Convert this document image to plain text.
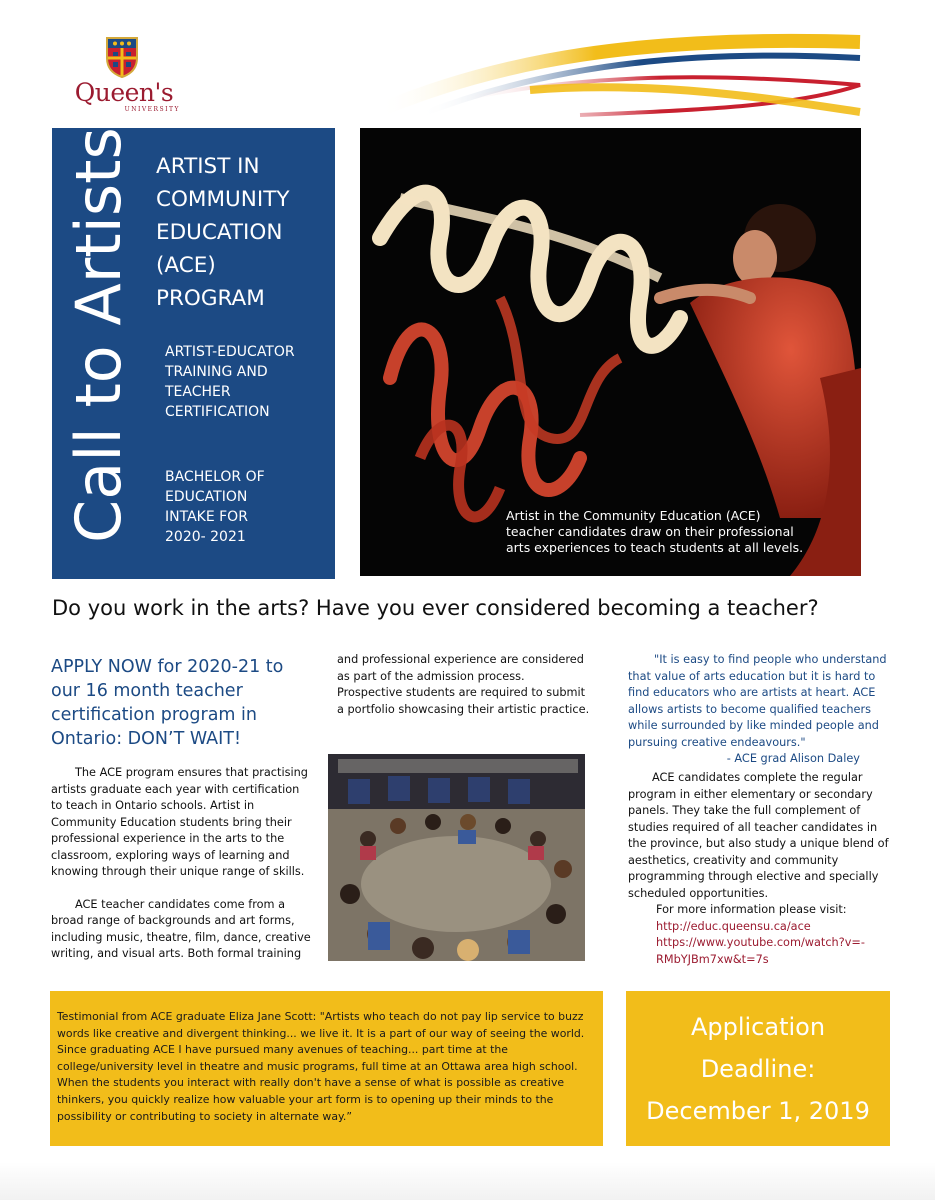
Queen's
UNIVERSITY
Call to Artists ARTIST IN COMMUNITY EDUCATION (ACE) PROGRAM
ARTIST-EDUCATOR
TRAINING AND
TEACHER
CERTIFICATION
BACHELOR OF
EDUCATION
INTAKE FOR
2020- 2021
Artist in the Community Education (ACE)
teacher candidates draw on their professional
arts experiences to teach students at all levels.
Do you work in the arts? Have you ever considered becoming a teacher?
APPLY NOW for 2020-21 to our 16 month teacher certification program in Ontario: DON’T WAIT!

The ACE program ensures that practising artists graduate each year with certification to teach in Ontario schools. Artist in Community Education students bring their professional experience in the arts to the classroom, exploring ways of learning and knowing through their unique range of skills.

ACE teacher candidates come from a broad range of backgrounds and art forms, including music, theatre, film, dance, creative writing, and visual arts. Both formal training

and professional experience are considered as part of the admission process. Prospective students are required to submit a portfolio showcasing their artistic practice.

"It is easy to find people who understand that value of arts education but it is hard to find educators who are artists at heart. ACE allows artists to become qualified teachers while surrounded by like minded people and pursuing creative endeavours."

- ACE grad Alison Daley

ACE candidates complete the regular program in either elementary or secondary panels. They take the full complement of studies required of all teacher candidates in the province, but also study a unique blend of aesthetics, creativity and community programming through elective and specially scheduled opportunities.

For more information please visit:

http://educ.queensu.ca/ace
https://www.youtube.com/watch?v=-RMbYJBm7xw&t=7s

Testimonial from ACE graduate Eliza Jane Scott: "Artists who teach do not pay lip service to buzz words like creative and divergent thinking... we live it. It is a part of our way of seeing the world. Since graduating ACE I have pursued many avenues of teaching... part time at the college/university level in theatre and music programs, full time at an Ottawa area high school. When the students you interact with really don't have a sense of what is possible as creative thinkers, you quickly realize how valuable your art form is to opening up their minds to the possibility or contributing to society in alternate way.”

Application
Deadline:
December 1, 2019
